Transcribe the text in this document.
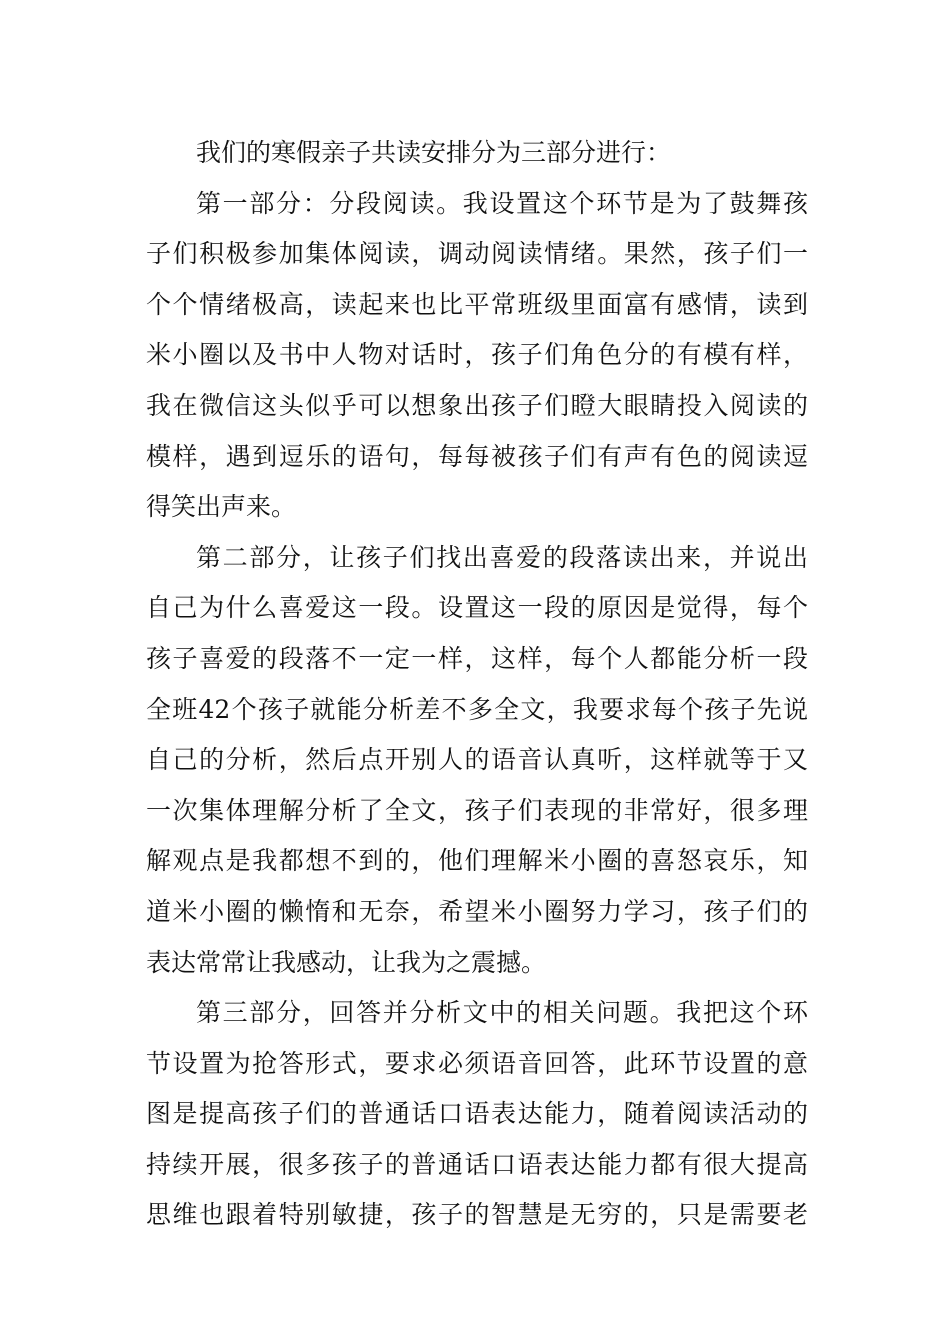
我们的寒假亲子共读安排分为三部分进行：
第一部分：分段阅读。我设置这个环节是为了鼓舞孩
子们积极参加集体阅读，调动阅读情绪。果然，孩子们一
个个情绪极高，读起来也比平常班级里面富有感情，读到
米小圈以及书中人物对话时，孩子们角色分的有模有样，
我在微信这头似乎可以想象出孩子们瞪大眼睛投入阅读的
模样，遇到逗乐的语句，每每被孩子们有声有色的阅读逗
得笑出声来。
第二部分，让孩子们找出喜爱的段落读出来，并说出
自己为什么喜爱这一段。设置这一段的原因是觉得，每个
孩子喜爱的段落不一定一样，这样，每个人都能分析一段
全班42个孩子就能分析差不多全文，我要求每个孩子先说
自己的分析，然后点开别人的语音认真听，这样就等于又
一次集体理解分析了全文，孩子们表现的非常好，很多理
解观点是我都想不到的，他们理解米小圈的喜怒哀乐，知
道米小圈的懒惰和无奈，希望米小圈努力学习，孩子们的
表达常常让我感动，让我为之震撼。
第三部分，回答并分析文中的相关问题。我把这个环
节设置为抢答形式，要求必须语音回答，此环节设置的意
图是提高孩子们的普通话口语表达能力，随着阅读活动的
持续开展，很多孩子的普通话口语表达能力都有很大提高
思维也跟着特别敏捷，孩子的智慧是无穷的，只是需要老
